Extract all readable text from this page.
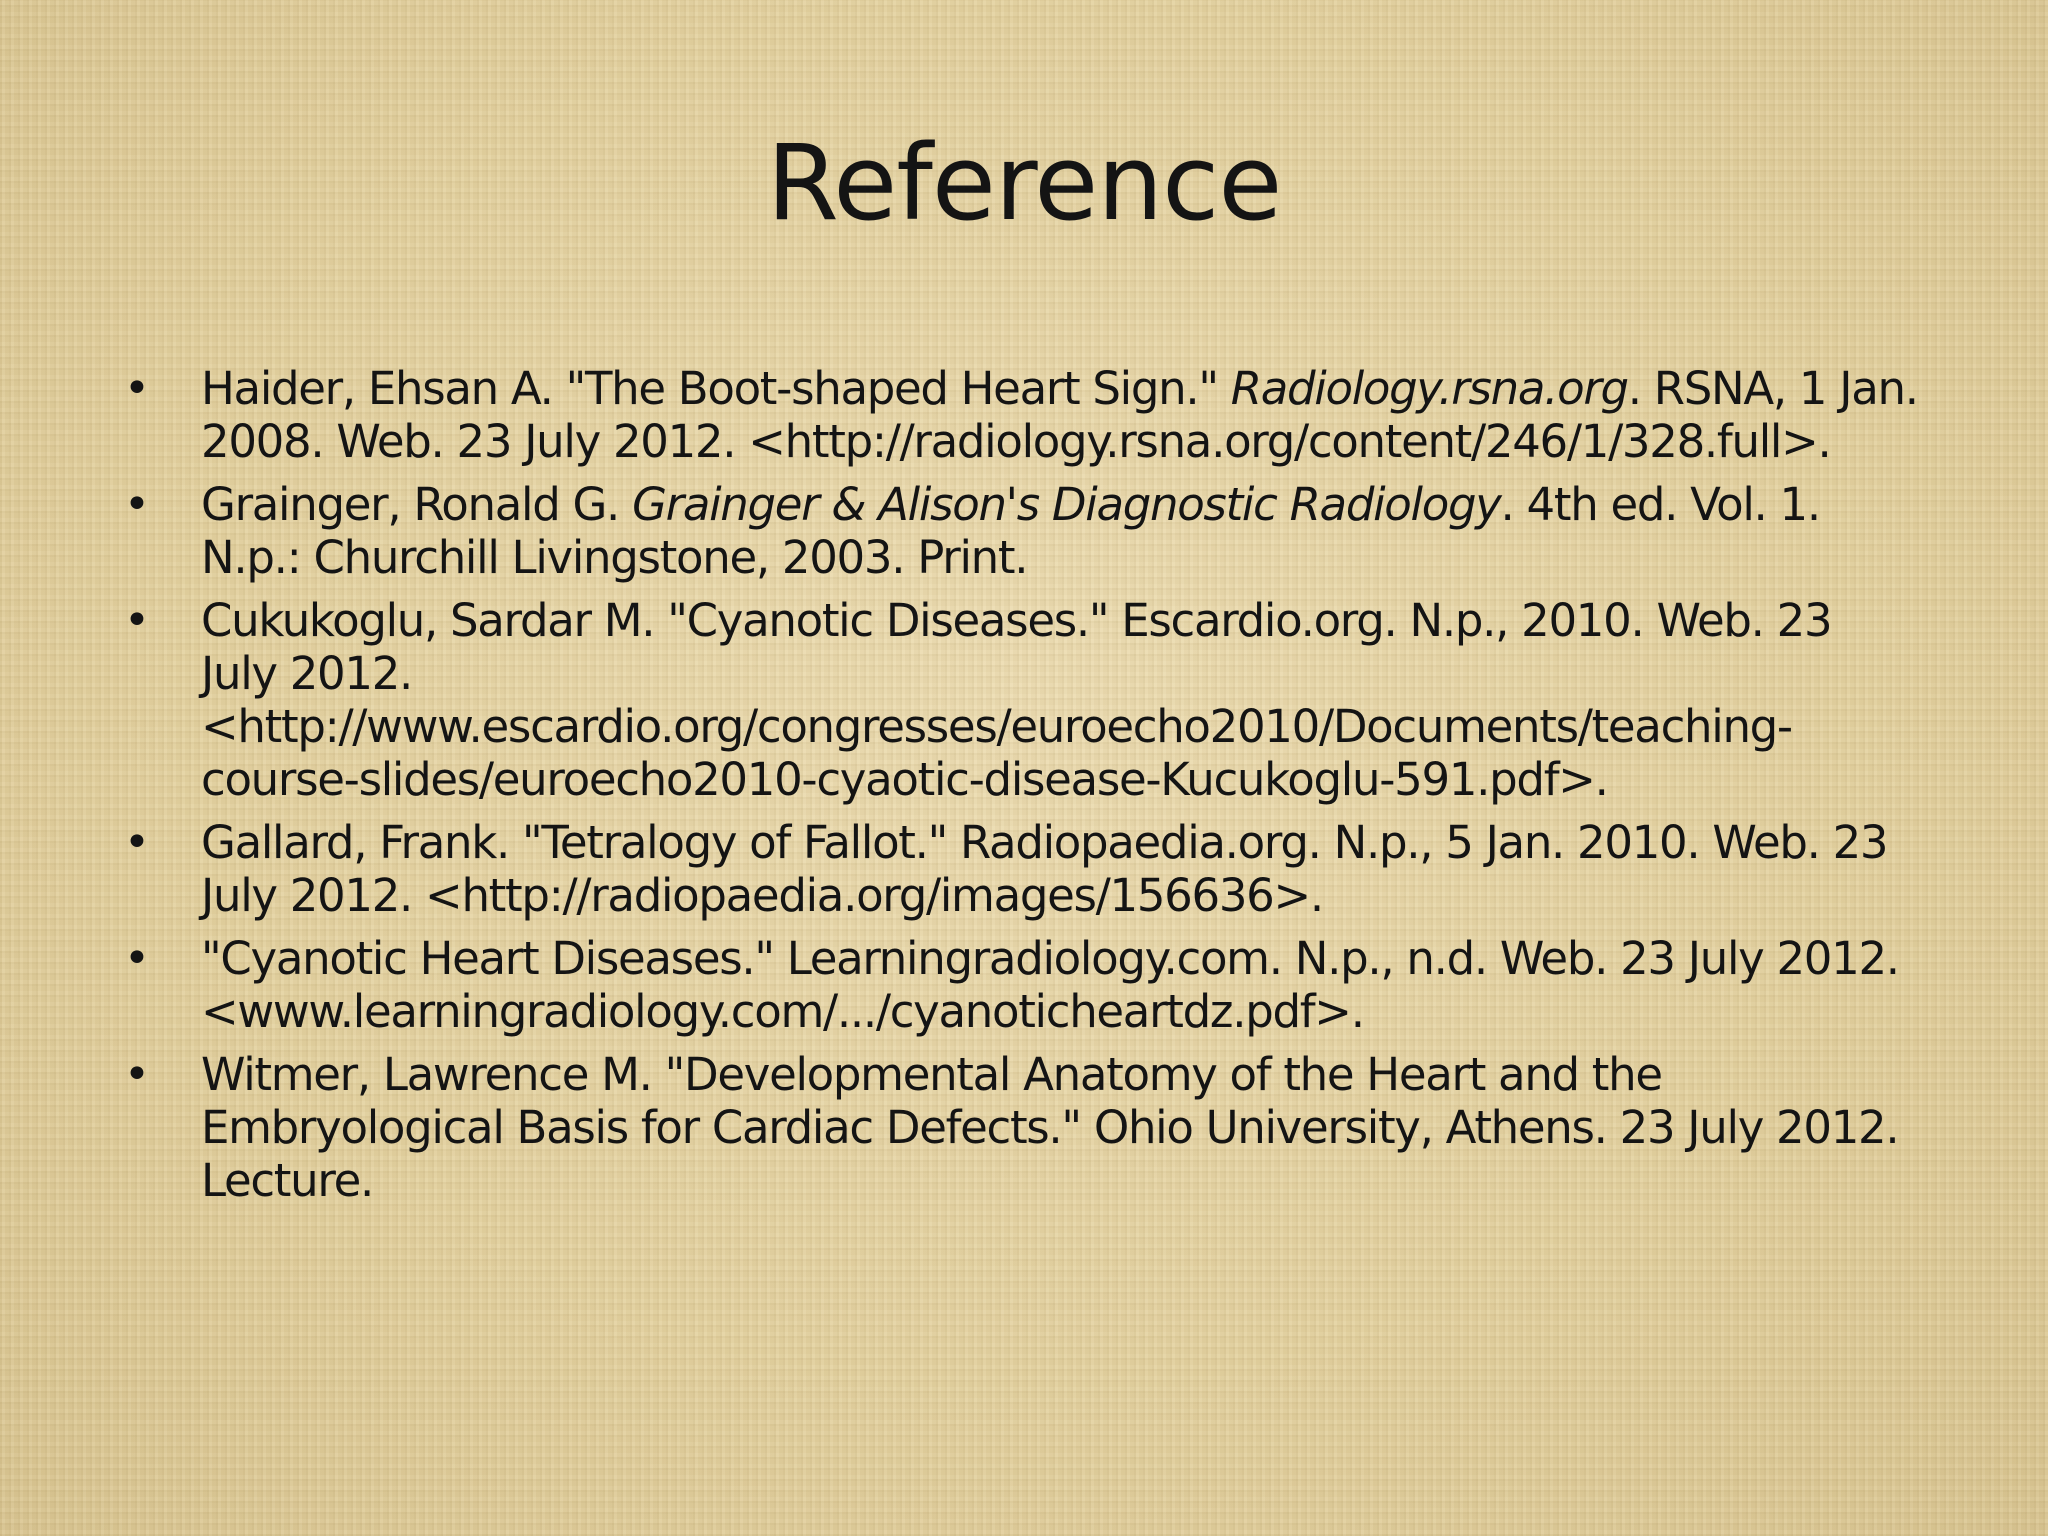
Reference
• Haider, Ehsan A. "The Boot-shaped Heart Sign." Radiology.rsna.org. RSNA, 1 Jan. 2008. Web. 23 July 2012. <http://radiology.rsna.org/content/246/1/328.full>.
• Grainger, Ronald G. Grainger & Alison's Diagnostic Radiology. 4th ed. Vol. 1. N.p.: Churchill Livingstone, 2003. Print.
• Cukukoglu, Sardar M. "Cyanotic Diseases." Escardio.org. N.p., 2010. Web. 23 July 2012. <http://www.escardio.org/congresses/euroecho2010/Documents/teaching-course-slides/euroecho2010-cyaotic-disease-Kucukoglu-591.pdf>.
• Gallard, Frank. "Tetralogy of Fallot." Radiopaedia.org. N.p., 5 Jan. 2010. Web. 23 July 2012. <http://radiopaedia.org/images/156636>.
• "Cyanotic Heart Diseases." Learningradiology.com. N.p., n.d. Web. 23 July 2012. <www.learningradiology.com/.../cyanoticheartdz.pdf>.
• Witmer, Lawrence M. "Developmental Anatomy of the Heart and the Embryological Basis for Cardiac Defects." Ohio University, Athens. 23 July 2012. Lecture.
